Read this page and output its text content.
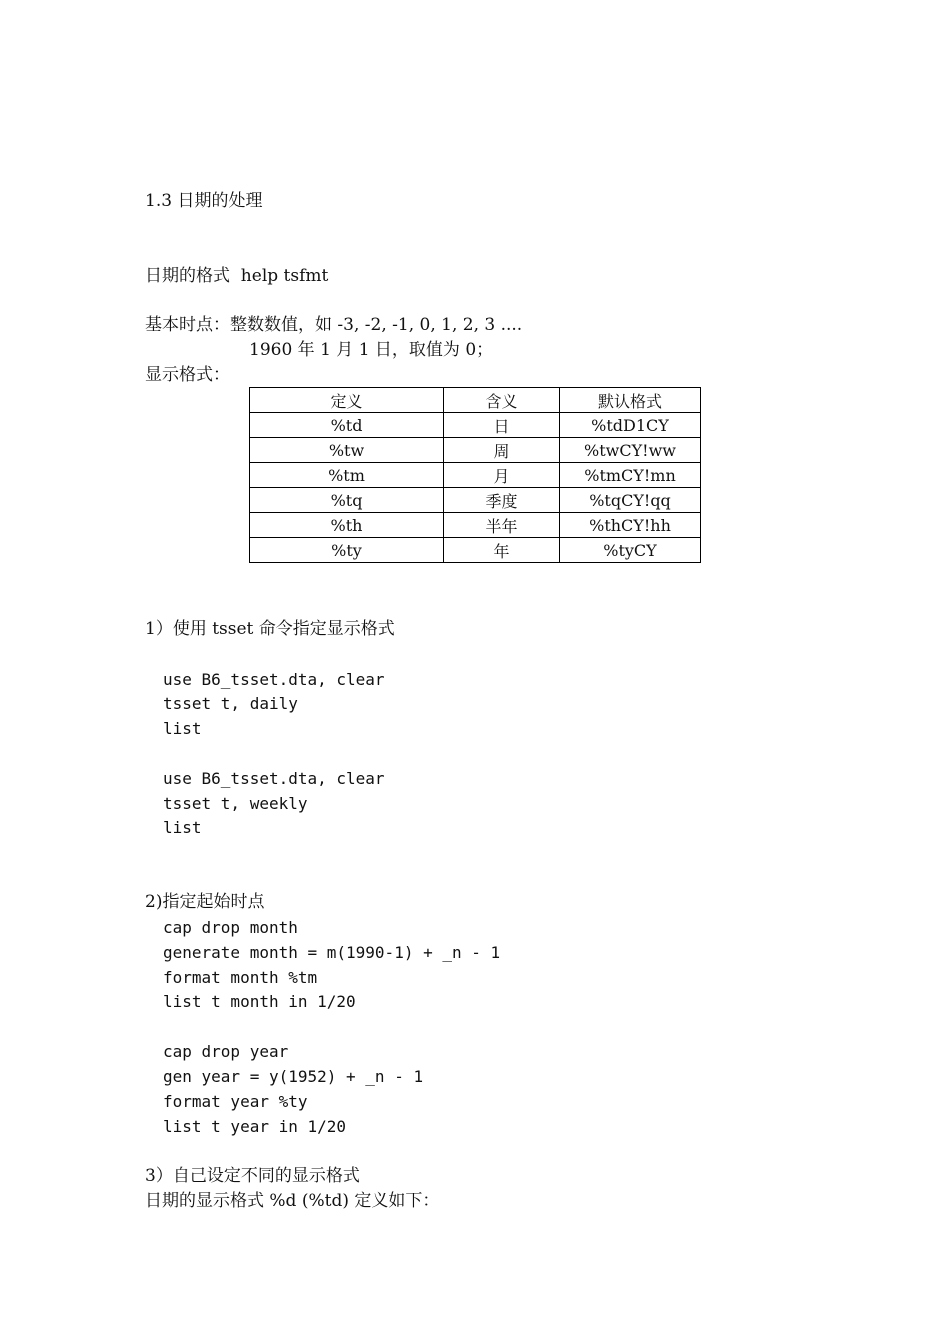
1.3 日期的处理
日期的格式  help tsfmt
基本时点：整数数值，如 -3, -2, -1, 0, 1, 2, 3 ....
1960 年 1 月 1 日，取值为 0；
显示格式：
定义	含义	默认格式
%td	日	%tdD1CY
%tw	周	%twCY!ww
%tm	月	%tmCY!mn
%tq	季度	%tqCY!qq
%th	半年	%thCY!hh
%ty	年	%tyCY
1）使用 tsset 命令指定显示格式
use B6_tsset.dta, clear
tsset t, daily
list
use B6_tsset.dta, clear
tsset t, weekly
list
2)指定起始时点
cap drop month
generate month = m(1990-1) + _n - 1
format month %tm
list t month in 1/20
cap drop year
gen year = y(1952) + _n - 1
format year %ty
list t year in 1/20
3）自己设定不同的显示格式
日期的显示格式 %d (%td) 定义如下：
